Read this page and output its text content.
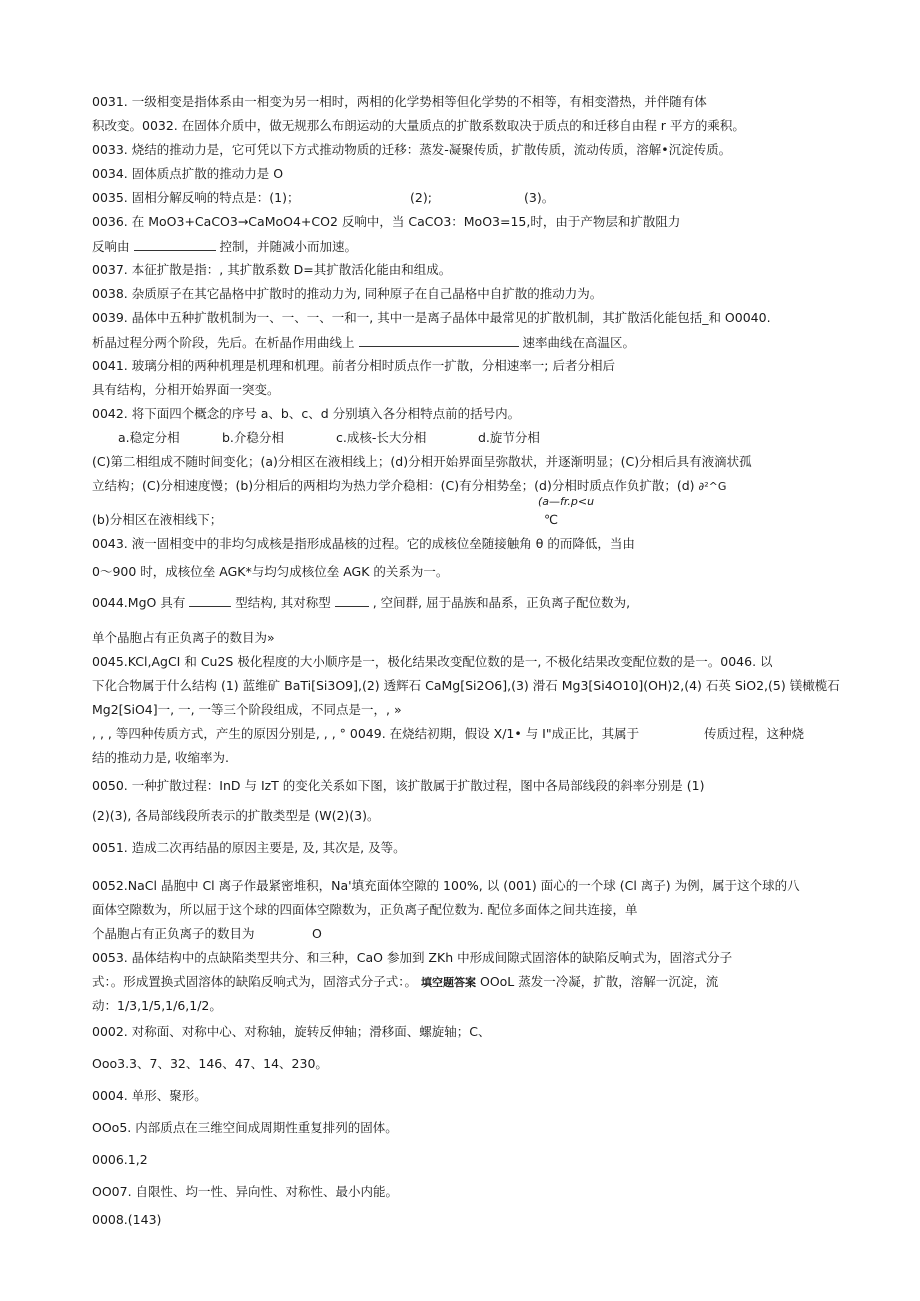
0031. 一级相变是指体系由一相变为另一相时，两相的化学势相等但化学势的不相等，有相变潜热，并伴随有体
积改变。0032. 在固体介质中，做无规那么布朗运动的大量质点的扩散系数取决于质点的和迁移自由程 r 平方的乘积。
0033. 烧结的推动力是，它可凭以下方式推动物质的迁移：蒸发-凝聚传质，扩散传质，流动传质，溶解•沉淀传质。
0034. 固体质点扩散的推动力是 O
0035. 固相分解反响的特点是：(1)；	(2);	(3)。
0036. 在 MoO3+CaCO3→CaMoO4+CO2 反响中，当 CaCO3：MoO3=15,时，由于产物层和扩散阻力
反响由	控制，并随减小而加速。
0037. 本征扩散是指：, 其扩散系数 D=其扩散活化能由和组成。
0038. 杂质原子在其它晶格中扩散时的推动力为, 同种原子在自己晶格中自扩散的推动力为。
0039. 晶体中五种扩散机制为一、一、一、一和一, 其中一是离子晶体中最常见的扩散机制，其扩散活化能包括_和 O0040.
析晶过程分两个阶段，先后。在析晶作用曲线上	速率曲线在高温区。
0041. 玻璃分相的两种机理是机理和机理。前者分相时质点作一扩散，分相速率一; 后者分相后
具有结构，分相开始界面一突变。
0042. 将下面四个概念的序号 a、b、c、d 分别填入各分相特点前的括号内。
a.稳定分相	b.介稳分相	c.成核-长大分相	d.旋节分相
(C)第二相组成不随时间变化；(a)分相区在液相线上；(d)分相开始界面呈弥散状，并逐渐明显；(C)分相后具有液滴状孤
立结构；(C)分相速度慢；(b)分相后的两相均为热力学介稳相：(C)有分相势垒；(d)分相时质点作负扩散；(d) ∂²^G
(a—fr.p<u
(b)分相区在液相线下；	℃
0043. 液一固相变中的非均匀成核是指形成晶核的过程。它的成核位垒随接触角 θ 的而降低，当由
0〜900 时，成核位垒 AGK*与均匀成核位垒 AGK 的关系为一。
0044.MgO 具有	型结构, 其对称型	, 空间群, 屈于晶族和晶系，正负离子配位数为,
单个晶胞占有正负离子的数目为»
0045.KCl,AgCI 和 Cu2S 极化程度的大小顺序是一，极化结果改变配位数的是一, 不极化结果改变配位数的是一。0046. 以
下化合物属于什么结构 (1) 蓝维矿 BaTi[Si3O9],(2) 透辉石 CaMg[Si2O6],(3) 滑石 Mg3[Si4O10](OH)2,(4) 石英 SiO2,(5) 镁橄榄石
Mg2[SiO4]一, 一, 一等三个阶段组成，不同点是一，, »
, , , 等四种传质方式，产生的原因分别是, , , ° 0049. 在烧结初期，假设 X/1• 与 I"成正比，其属于	传质过程，这种烧
结的推动力是, 收缩率为.
0050. 一种扩散过程：InD 与 IzT 的变化关系如下图，该扩散属于扩散过程，图中各局部线段的斜率分别是 (1)
(2)(3), 各局部线段所表示的扩散类型是 (W(2)(3)。
0051. 造成二次再结晶的原因主要是, 及, 其次是, 及等。
0052.NaCl 晶胞中 Cl 离子作最紧密堆积，Na'填充面体空隙的 100%, 以 (001) 面心的一个球 (Cl 离子) 为例，属于这个球的八
面体空隙数为，所以屈于这个球的四面体空隙数为，正负离子配位数为. 配位多面体之间共连接，单
个晶胞占有正负离子的数目为	O
0053. 晶体结构中的点缺陷类型共分、和三种，CaO 参加到 ZKh 中形成间隙式固溶体的缺陷反响式为，固溶式分子
式：。形成置换式固溶体的缺陷反响式为，固溶式分子式：。 填空题答案 OOoL 蒸发一冷凝，扩散，溶解一沉淀，流
动：1/3,1/5,1/6,1/2。
0002. 对称面、对称中心、对称轴，旋转反伸轴；滑移面、螺旋轴；C、
Ooo3.3、7、32、146、47、14、230。
0004. 单形、聚形。
OOo5. 内部质点在三维空间成周期性重复排列的固体。
0006.1,2
OO07. 自限性、均一性、异向性、对称性、最小内能。
0008.(143)
